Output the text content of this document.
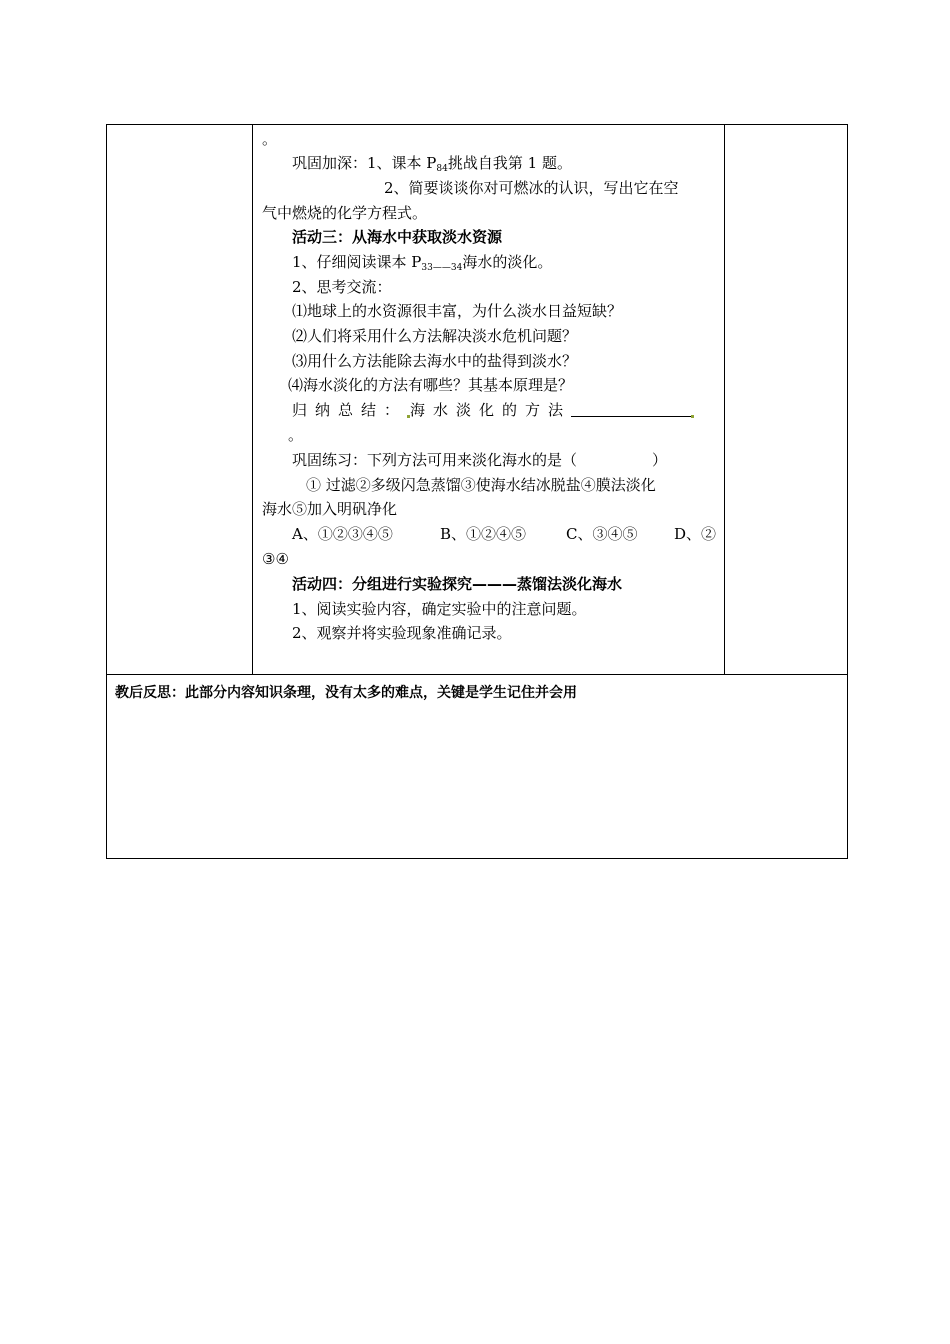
。
巩固加深：1、课本 $P_{84}$挑战自我第 1 题。
2、简要谈谈你对可燃冰的认识，写出它在空
气中燃烧的化学方程式。
活动三：从海水中获取淡水资源
1、仔细阅读课本 $P_{33——34}$海水的淡化。
2、思考交流：
⑴地球上的水资源很丰富，为什么淡水日益短缺？
⑵人们将采用什么方法解决淡水危机问题？
⑶用什么方法能除去海水中的盐得到淡水？
⑷海水淡化的方法有哪些？其基本原理是？
归纳总结： 海水淡化的方法
。
巩固练习：下列方法可用来淡化海水的是（　　　　　）
① 过滤②多级闪急蒸馏③使海水结冰脱盐④膜法淡化
海水⑤加入明矾净化
A、①②③④⑤	B、①②④⑤	C、③④⑤ D、②
③④
活动四：分组进行实验探究———蒸馏法淡化海水
1、阅读实验内容，确定实验中的注意问题。
2、观察并将实验现象准确记录。
教后反思：此部分内容知识条理，没有太多的难点，关键是学生记住并会用
